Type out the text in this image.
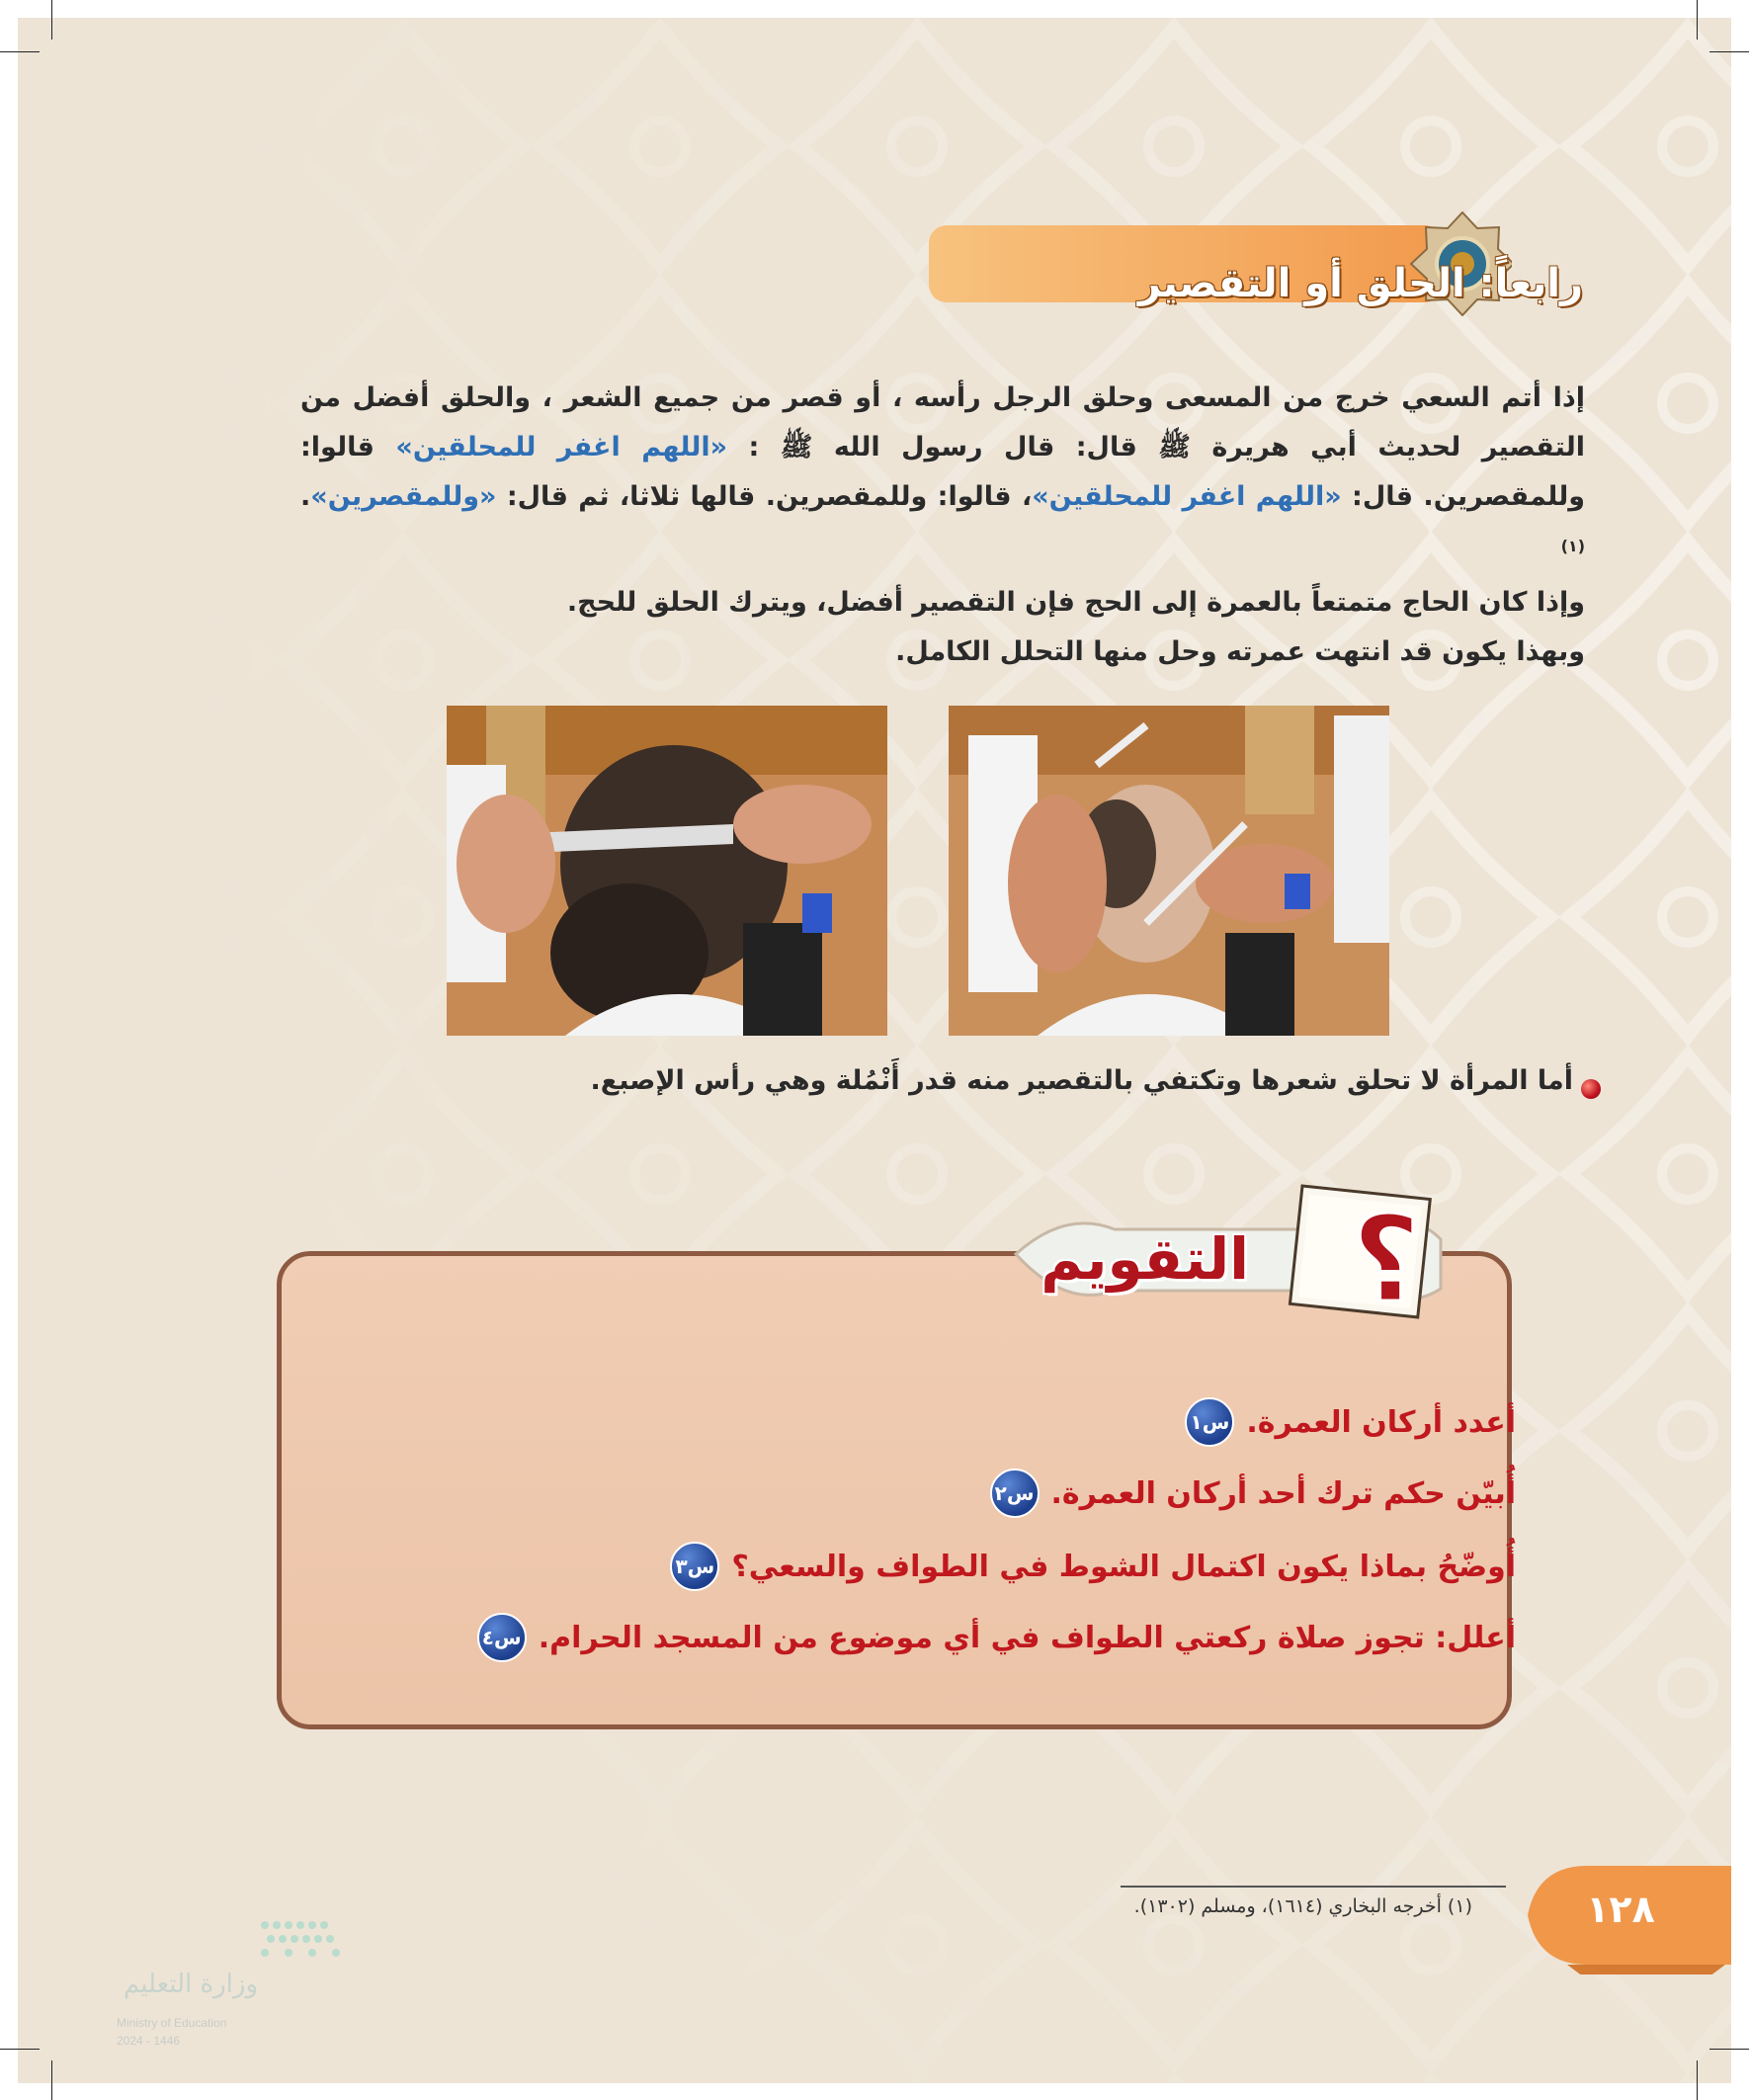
رابعاً: الحلق أو التقصير

إذا أتم السعي خرج من المسعى وحلق الرجل رأسه ، أو قصر من جميع الشعر ، والحلق أفضل من التقصير لحديث أبي هريرة ﷺ قال: قال رسول الله ﷺ : «اللهم اغفر للمحلقين» قالوا: وللمقصرين. قال: «اللهم اغفر للمحلقين»، قالوا: وللمقصرين. قالها ثلاثا، ثم قال: «وللمقصرين».$^{(١)}$

وإذا كان الحاج متمتعاً بالعمرة إلى الحج فإن التقصير أفضل، ويترك الحلق للحج.

وبهذا يكون قد انتهت عمرته وحل منها التحلل الكامل.

أما المرأة لا تحلق شعرها وتكتفي بالتقصير منه قدر أَنْمُلة وهي رأس الإصبع.
؟
التقويم
س١ أعدد أركان العمرة.
س٢ أُبيّن حكم ترك أحد أركان العمرة.
س٣ أُوضّحُ بماذا يكون اكتمال الشوط في الطواف والسعي؟
س٤ أعلل: تجوز صلاة ركعتي الطواف في أي موضوع من المسجد الحرام.
(١) أخرجه البخاري (١٦١٤)، ومسلم (١٣٠٢).	١٢٨
وزارة التعليم
Ministry of Education
2024 - 1446
